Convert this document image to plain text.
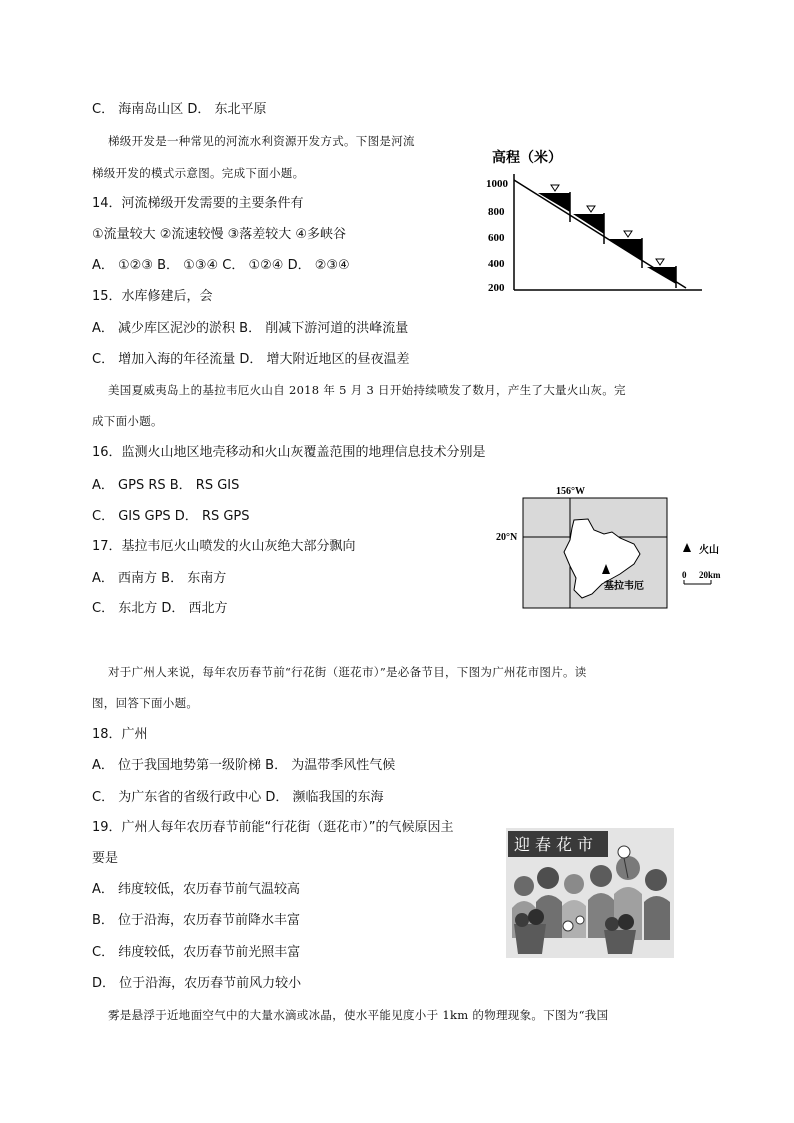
C． 海南岛山区 D． 东北平原
梯级开发是一种常见的河流水利资源开发方式。下图是河流
梯级开发的模式示意图。完成下面小题。
14．河流梯级开发需要的主要条件有
①流量较大 ②流速较慢 ③落差较大 ④多峡谷
A． ①②③ B． ①③④ C． ①②④ D． ②③④
15．水库修建后，会
A． 减少库区泥沙的淤积 B． 削减下游河道的洪峰流量
C． 增加入海的年径流量 D． 增大附近地区的昼夜温差
美国夏威夷岛上的基拉韦厄火山自 2018 年 5 月 3 日开始持续喷发了数月，产生了大量火山灰。完
成下面小题。
16．监测火山地区地壳移动和火山灰覆盖范围的地理信息技术分别是
A． GPS RS B． RS GIS
C． GIS GPS D． RS GPS
17．基拉韦厄火山喷发的火山灰绝大部分飘向
A． 西南方 B． 东南方
C． 东北方 D． 西北方
对于广州人来说，每年农历春节前“行花街（逛花市）”是必备节目，下图为广州花市图片。读
图，回答下面小题。
18．广州
A． 位于我国地势第一级阶梯 B． 为温带季风性气候
C． 为广东省的省级行政中心 D． 濒临我国的东海
19．广州人每年农历春节前能“行花街（逛花市）”的气候原因主
要是
A． 纬度较低，农历春节前气温较高
B． 位于沿海，农历春节前降水丰富
C． 纬度较低，农历春节前光照丰富
D． 位于沿海，农历春节前风力较小
雾是悬浮于近地面空气中的大量水滴或冰晶，使水平能见度小于 1km 的物理现象。下图为“我国
高程（米）
1000
800
600
400
200
156°W
20°N
基拉韦厄
火山
0 20km
迎春花市
